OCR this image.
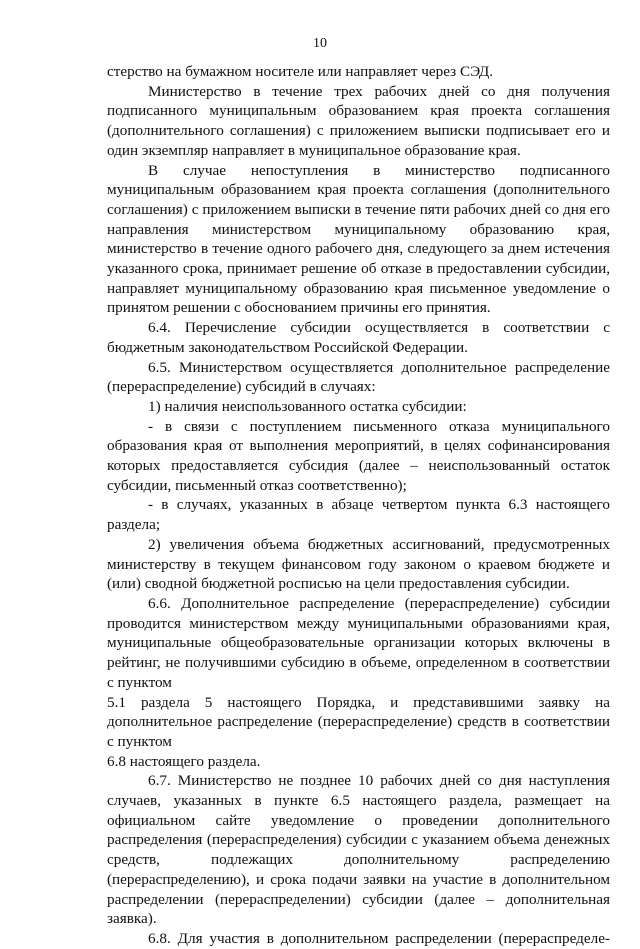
10

стерство на бумажном носителе или направляет через СЭД.

Министерство в течение трех рабочих дней со дня получения подписанного муниципальным образованием края проекта соглашения (дополнительного соглашения) с приложением выписки подписывает его и один экземпляр направляет в муниципальное образование края.

В случае непоступления в министерство подписанного муниципальным образованием края проекта соглашения (дополнительного соглашения) с приложением выписки в течение пяти рабочих дней со дня его направления министерством муниципальному образованию края, министерство в течение одного рабочего дня, следующего за днем истечения указанного срока, принимает решение об отказе в предоставлении субсидии, направляет муниципальному образованию края письменное уведомление о принятом решении с обоснованием причины его принятия.

6.4. Перечисление субсидии осуществляется в соответствии с бюджетным законодательством Российской Федерации.

6.5. Министерством осуществляется дополнительное распределение (перераспределение) субсидий в случаях:

1) наличия неиспользованного остатка субсидии:

- в связи с поступлением письменного отказа муниципального образования края от выполнения мероприятий, в целях софинансирования которых предоставляется субсидия (далее – неиспользованный остаток субсидии, письменный отказ соответственно);

- в случаях, указанных в абзаце четвертом пункта 6.3 настоящего раздела;

2) увеличения объема бюджетных ассигнований, предусмотренных министерству в текущем финансовом году законом о краевом бюджете и (или) сводной бюджетной росписью на цели предоставления субсидии.

6.6. Дополнительное распределение (перераспределение) субсидии проводится министерством между муниципальными образованиями края, муниципальные общеобразовательные организации которых включены в рейтинг, не получившими субсидию в объеме, определенном в соответствии с пунктом

5.1 раздела 5 настоящего Порядка, и представившими заявку на дополнительное распределение (перераспределение) средств в соответствии с пунктом

6.8 настоящего раздела.

6.7. Министерство не позднее 10 рабочих дней со дня наступления случаев, указанных в пункте 6.5 настоящего раздела, размещает на официальном сайте уведомление о проведении дополнительного распределения (перераспределения) субсидии с указанием объема денежных средств, подлежащих дополнительному распределению (перераспределению), и срока подачи заявки на участие в дополнительном распределении (перераспределении) субсидии (далее – дополнительная заявка).

6.8. Для участия в дополнительном распределении (перераспределе-
